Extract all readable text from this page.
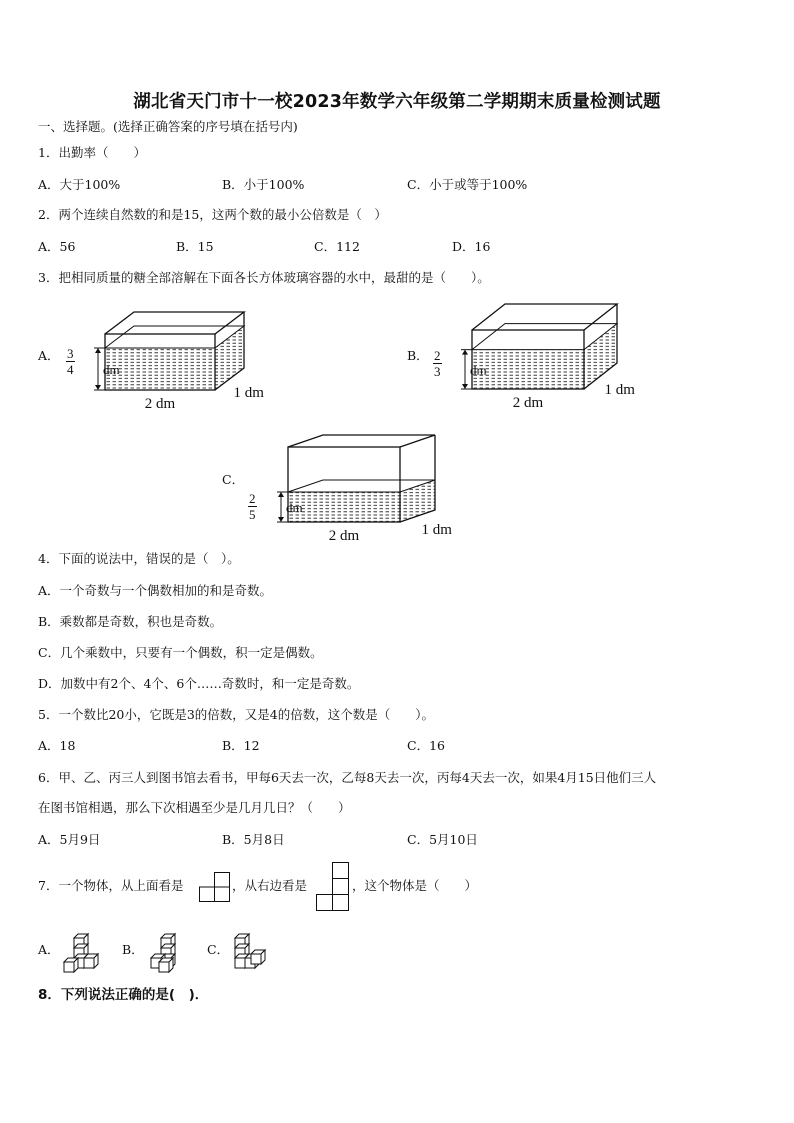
湖北省天门市十一校2023年数学六年级第二学期期末质量检测试题
一、选择题。(选择正确答案的序号填在括号内)
1．出勤率（　　）
A．大于100%	B．小于100%	C．小于或等于100%
2．两个连续自然数的和是15，这两个数的最小公倍数是（　）
A．56	B．15	C．112	D．16
3．把相同质量的糖全部溶解在下面各长方体玻璃容器的水中，最甜的是（　　）。
A．
dm
2 dm
1 dm
$\frac{3}{4}$	B．
dm
2 dm
1 dm
$\frac{2}{3}$
C．
dm
2 dm	1 dm
$\frac{2}{5}$
4．下面的说法中，错误的是（　）。
A．一个奇数与一个偶数相加的和是奇数。
B．乘数都是奇数，积也是奇数。
C．几个乘数中，只要有一个偶数，积一定是偶数。
D．加数中有2个、4个、6个……奇数时，和一定是奇数。
5．一个数比20小，它既是3的倍数，又是4的倍数，这个数是（　　）。
A．18	B．12	C．16
6．甲、乙、丙三人到图书馆去看书，甲每6天去一次，乙每8天去一次，丙每4天去一次，如果4月15日他们三人
在图书馆相遇，那么下次相遇至少是几月几日？（　　）
A．5月9日	B．5月8日	C．5月10日
7．一个物体，从上面看是	，从右边看是	，这个物体是（　　）
A．	B．	C．
8．下列说法正确的是(　)．
